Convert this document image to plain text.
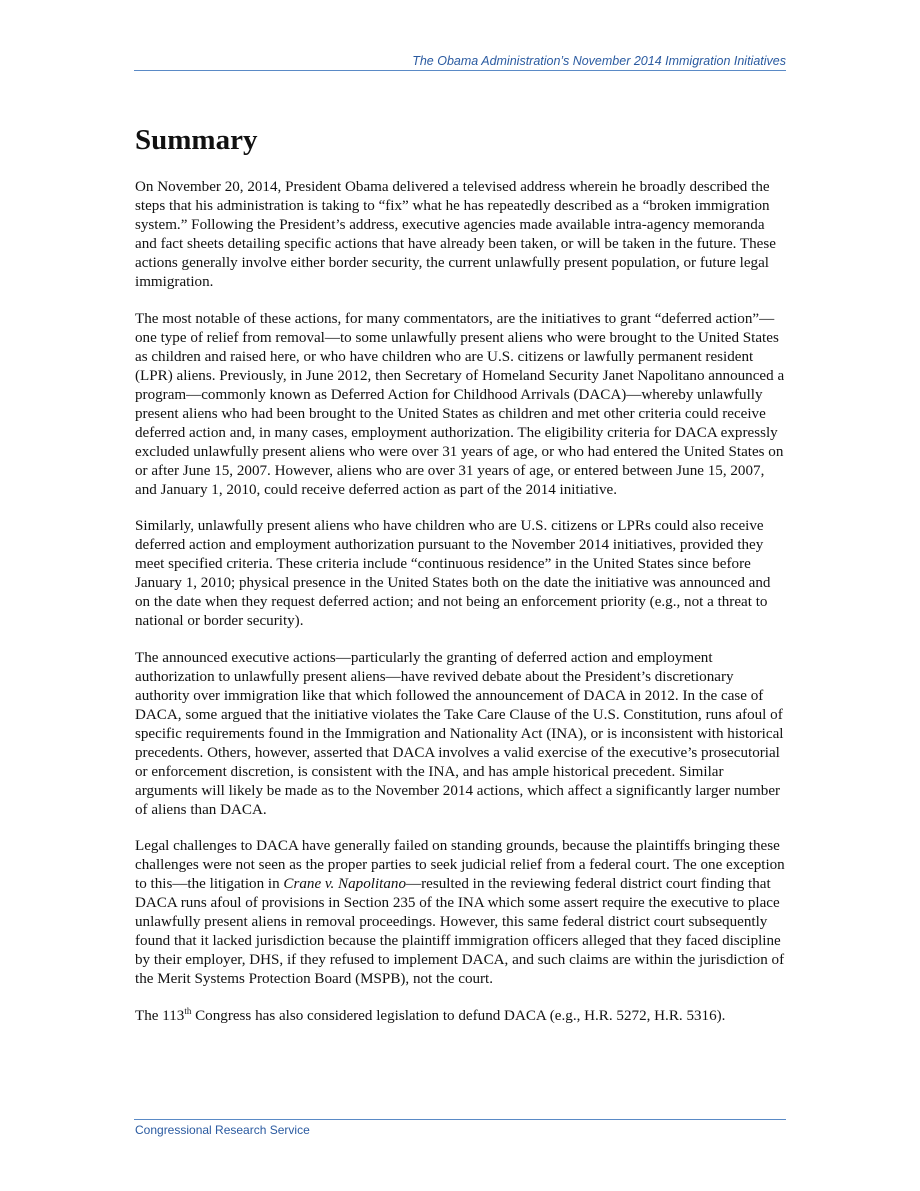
The Obama Administration’s November 2014 Immigration Initiatives
Summary

On November 20, 2014, President Obama delivered a televised address wherein he broadly described the steps that his administration is taking to “fix” what he has repeatedly described as a “broken immigration system.” Following the President’s address, executive agencies made available intra-agency memoranda and fact sheets detailing specific actions that have already been taken, or will be taken in the future. These actions generally involve either border security, the current unlawfully present population, or future legal immigration.

The most notable of these actions, for many commentators, are the initiatives to grant “deferred action”—one type of relief from removal—to some unlawfully present aliens who were brought to the United States as children and raised here, or who have children who are U.S. citizens or lawfully permanent resident (LPR) aliens. Previously, in June 2012, then Secretary of Homeland Security Janet Napolitano announced a program—commonly known as Deferred Action for Childhood Arrivals (DACA)—whereby unlawfully present aliens who had been brought to the United States as children and met other criteria could receive deferred action and, in many cases, employment authorization. The eligibility criteria for DACA expressly excluded unlawfully present aliens who were over 31 years of age, or who had entered the United States on or after June 15, 2007. However, aliens who are over 31 years of age, or entered between June 15, 2007, and January 1, 2010, could receive deferred action as part of the 2014 initiative.

Similarly, unlawfully present aliens who have children who are U.S. citizens or LPRs could also receive deferred action and employment authorization pursuant to the November 2014 initiatives, provided they meet specified criteria. These criteria include “continuous residence” in the United States since before January 1, 2010; physical presence in the United States both on the date the initiative was announced and on the date when they request deferred action; and not being an enforcement priority (e.g., not a threat to national or border security).

The announced executive actions—particularly the granting of deferred action and employment authorization to unlawfully present aliens—have revived debate about the President’s discretionary authority over immigration like that which followed the announcement of DACA in 2012. In the case of DACA, some argued that the initiative violates the Take Care Clause of the U.S. Constitution, runs afoul of specific requirements found in the Immigration and Nationality Act (INA), or is inconsistent with historical precedents. Others, however, asserted that DACA involves a valid exercise of the executive’s prosecutorial or enforcement discretion, is consistent with the INA, and has ample historical precedent. Similar arguments will likely be made as to the November 2014 actions, which affect a significantly larger number of aliens than DACA.

Legal challenges to DACA have generally failed on standing grounds, because the plaintiffs bringing these challenges were not seen as the proper parties to seek judicial relief from a federal court. The one exception to this—the litigation in Crane v. Napolitano—resulted in the reviewing federal district court finding that DACA runs afoul of provisions in Section 235 of the INA which some assert require the executive to place unlawfully present aliens in removal proceedings. However, this same federal district court subsequently found that it lacked jurisdiction because the plaintiff immigration officers alleged that they faced discipline by their employer, DHS, if they refused to implement DACA, and such claims are within the jurisdiction of the Merit Systems Protection Board (MSPB), not the court.

The 113th Congress has also considered legislation to defund DACA (e.g., H.R. 5272, H.R. 5316).

Congressional Research Service
